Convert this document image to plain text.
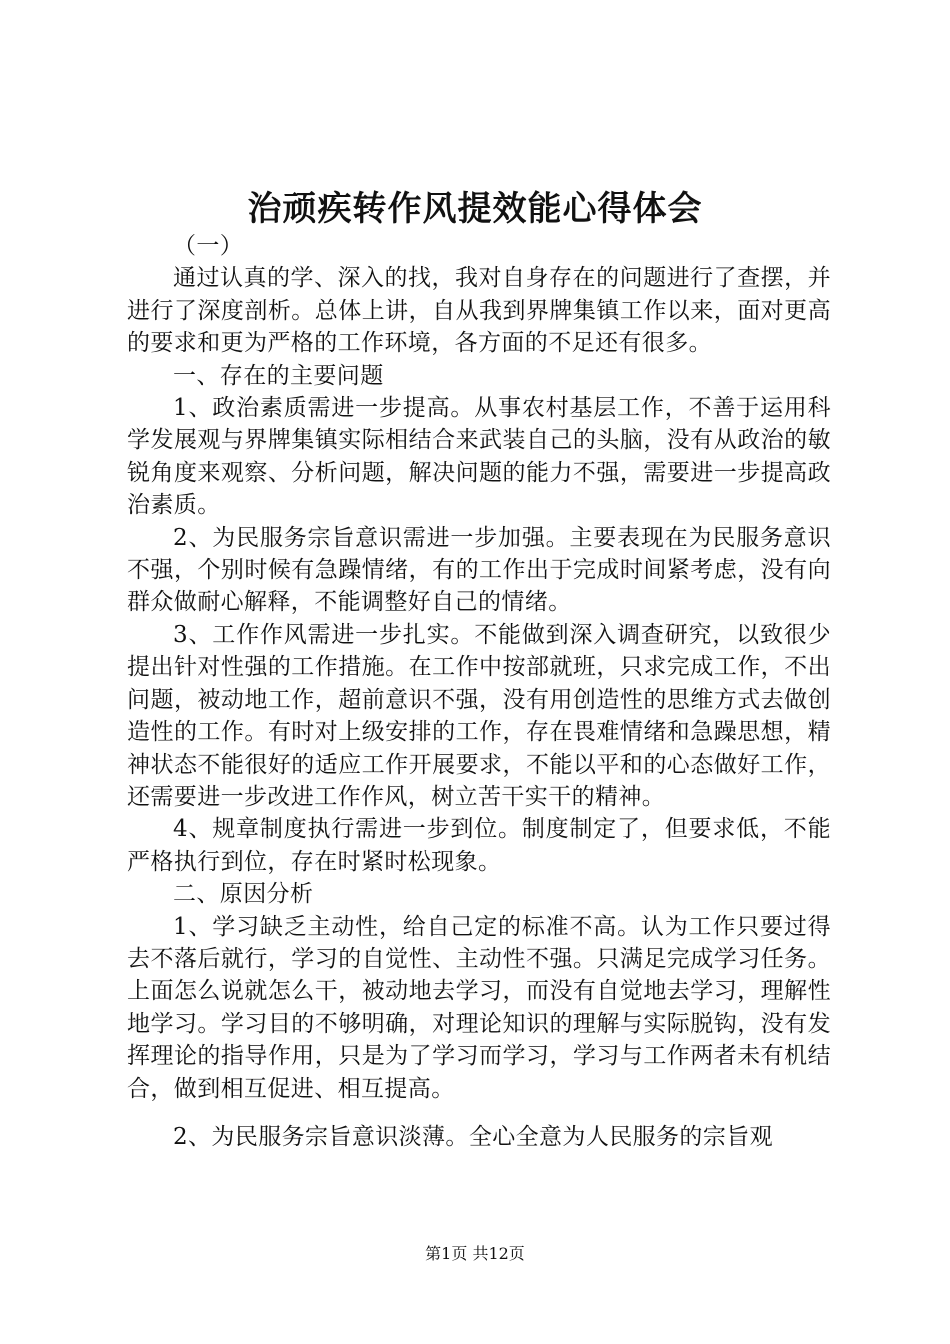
治顽疾转作风提效能心得体会

（一）

通过认真的学、深入的找，我对自身存在的问题进行了查摆，并进行了深度剖析。总体上讲，自从我到界牌集镇工作以来，面对更高的要求和更为严格的工作环境，各方面的不足还有很多。

一、存在的主要问题

1、政治素质需进一步提高。从事农村基层工作，不善于运用科学发展观与界牌集镇实际相结合来武装自己的头脑，没有从政治的敏锐角度来观察、分析问题，解决问题的能力不强，需要进一步提高政治素质。

2、为民服务宗旨意识需进一步加强。主要表现在为民服务意识不强，个别时候有急躁情绪，有的工作出于完成时间紧考虑，没有向群众做耐心解释，不能调整好自己的情绪。

3、工作作风需进一步扎实。不能做到深入调查研究，以致很少提出针对性强的工作措施。在工作中按部就班，只求完成工作，不出问题，被动地工作，超前意识不强，没有用创造性的思维方式去做创造性的工作。有时对上级安排的工作，存在畏难情绪和急躁思想，精神状态不能很好的适应工作开展要求，不能以平和的心态做好工作，还需要进一步改进工作作风，树立苦干实干的精神。

4、规章制度执行需进一步到位。制度制定了，但要求低，不能严格执行到位，存在时紧时松现象。

二、原因分析

1、学习缺乏主动性，给自己定的标准不高。认为工作只要过得去不落后就行，学习的自觉性、主动性不强。只满足完成学习任务。上面怎么说就怎么干，被动地去学习，而没有自觉地去学习，理解性地学习。学习目的不够明确，对理论知识的理解与实际脱钩，没有发挥理论的指导作用，只是为了学习而学习，学习与工作两者未有机结合，做到相互促进、相互提高。

2、为民服务宗旨意识淡薄。全心全意为人民服务的宗旨观

第1页 共12页
